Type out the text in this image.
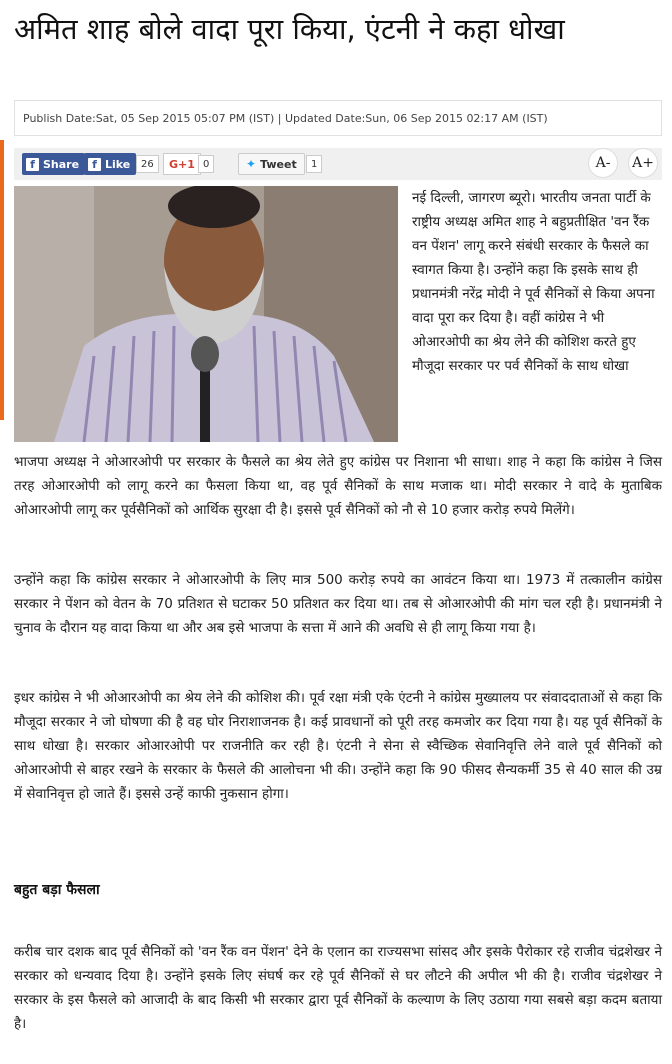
अमित शाह बोले वादा पूरा किया, एंटनी ने कहा धोखा
Publish Date:Sat, 05 Sep 2015 05:07 PM (IST) | Updated Date:Sun, 06 Sep 2015 02:17 AM (IST)
f Share	f Like	26	G+1 0	✦ Tweet	1	A-	A+
नई दिल्ली, जागरण ब्यूरो। भारतीय जनता पार्टी के राष्ट्रीय अध्यक्ष अमित शाह ने बहुप्रतीक्षित 'वन रैंक वन पेंशन' लागू करने संबंधी सरकार के फैसले का स्वागत किया है। उन्होंने कहा कि इसके साथ ही प्रधानमंत्री नरेंद्र मोदी ने पूर्व सैनिकों से किया अपना वादा पूरा कर दिया है। वहीं कांग्रेस ने भी ओआरओपी का श्रेय लेने की कोशिश करते हुए मौजूदा सरकार पर पर्व सैनिकों के साथ धोखा
भाजपा अध्यक्ष ने ओआरओपी पर सरकार के फैसले का श्रेय लेते हुए कांग्रेस पर निशाना भी साधा। शाह ने कहा कि कांग्रेस ने जिस तरह ओआरओपी को लागू करने का फैसला किया था, वह पूर्व सैनिकों के साथ मजाक था। मोदी सरकार ने वादे के मुताबिक ओआरओपी लागू कर पूर्वसैनिकों को आर्थिक सुरक्षा दी है। इससे पूर्व सैनिकों को नौ से 10 हजार करोड़ रुपये मिलेंगे।
उन्होंने कहा कि कांग्रेस सरकार ने ओआरओपी के लिए मात्र 500 करोड़ रुपये का आवंटन किया था। 1973 में तत्कालीन कांग्रेस सरकार ने पेंशन को वेतन के 70 प्रतिशत से घटाकर 50 प्रतिशत कर दिया था। तब से ओआरओपी की मांग चल रही है। प्रधानमंत्री ने चुनाव के दौरान यह वादा किया था और अब इसे भाजपा के सत्ता में आने की अवधि से ही लागू किया गया है।
इधर कांग्रेस ने भी ओआरओपी का श्रेय लेने की कोशिश की। पूर्व रक्षा मंत्री एके एंटनी ने कांग्रेस मुख्यालय पर संवाददाताओं से कहा कि मौजूदा सरकार ने जो घोषणा की है वह घोर निराशाजनक है। कई प्रावधानों को पूरी तरह कमजोर कर दिया गया है। यह पूर्व सैनिकों के साथ धोखा है। सरकार ओआरओपी पर राजनीति कर रही है। एंटनी ने सेना से स्वैच्छिक सेवानिवृत्ति लेने वाले पूर्व सैनिकों को ओआरओपी से बाहर रखने के सरकार के फैसले की आलोचना भी की। उन्होंने कहा कि 90 फीसद सैन्यकर्मी 35 से 40 साल की उम्र में सेवानिवृत्त हो जाते हैं। इससे उन्हें काफी नुकसान होगा।
बहुत बड़ा फैसला
करीब चार दशक बाद पूर्व सैनिकों को 'वन रैंक वन पेंशन' देने के एलान का राज्यसभा सांसद और इसके पैरोकार रहे राजीव चंद्रशेखर ने सरकार को धन्यवाद दिया है। उन्होंने इसके लिए संघर्ष कर रहे पूर्व सैनिकों से घर लौटने की अपील भी की है। राजीव चंद्रशेखर ने सरकार के इस फैसले को आजादी के बाद किसी भी सरकार द्वारा पूर्व सैनिकों के कल्याण के लिए उठाया गया सबसे बड़ा कदम बताया है।
